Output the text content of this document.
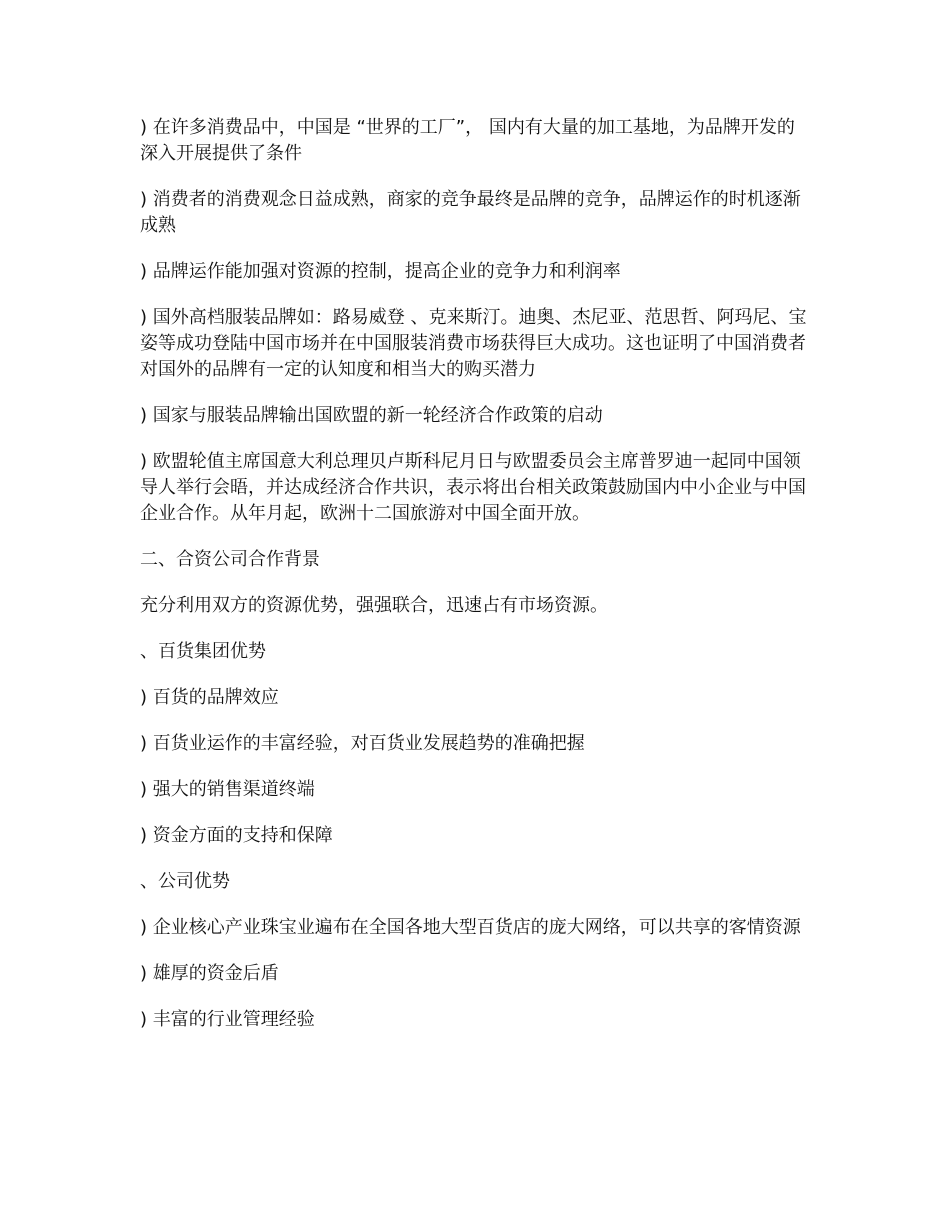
) 在许多消费品中，中国是 “世界的工厂”， 国内有大量的加工基地，为品牌开发的深入开展提供了条件

) 消费者的消费观念日益成熟，商家的竞争最终是品牌的竞争，品牌运作的时机逐渐成熟

) 品牌运作能加强对资源的控制，提高企业的竞争力和利润率

) 国外高档服装品牌如：路易威登 、克来斯汀。迪奥、杰尼亚、范思哲、阿玛尼、宝姿等成功登陆中国市场并在中国服装消费市场获得巨大成功。这也证明了中国消费者对国外的品牌有一定的认知度和相当大的购买潜力

) 国家与服装品牌输出国欧盟的新一轮经济合作政策的启动

) 欧盟轮值主席国意大利总理贝卢斯科尼月日与欧盟委员会主席普罗迪一起同中国领导人举行会晤，并达成经济合作共识，表示将出台相关政策鼓励国内中小企业与中国企业合作。从年月起，欧洲十二国旅游对中国全面开放。

二、合资公司合作背景

充分利用双方的资源优势，强强联合，迅速占有市场资源。

、百货集团优势

) 百货的品牌效应

) 百货业运作的丰富经验，对百货业发展趋势的准确把握

) 强大的销售渠道终端

) 资金方面的支持和保障

、公司优势

) 企业核心产业珠宝业遍布在全国各地大型百货店的庞大网络，可以共享的客情资源

) 雄厚的资金后盾

) 丰富的行业管理经验
